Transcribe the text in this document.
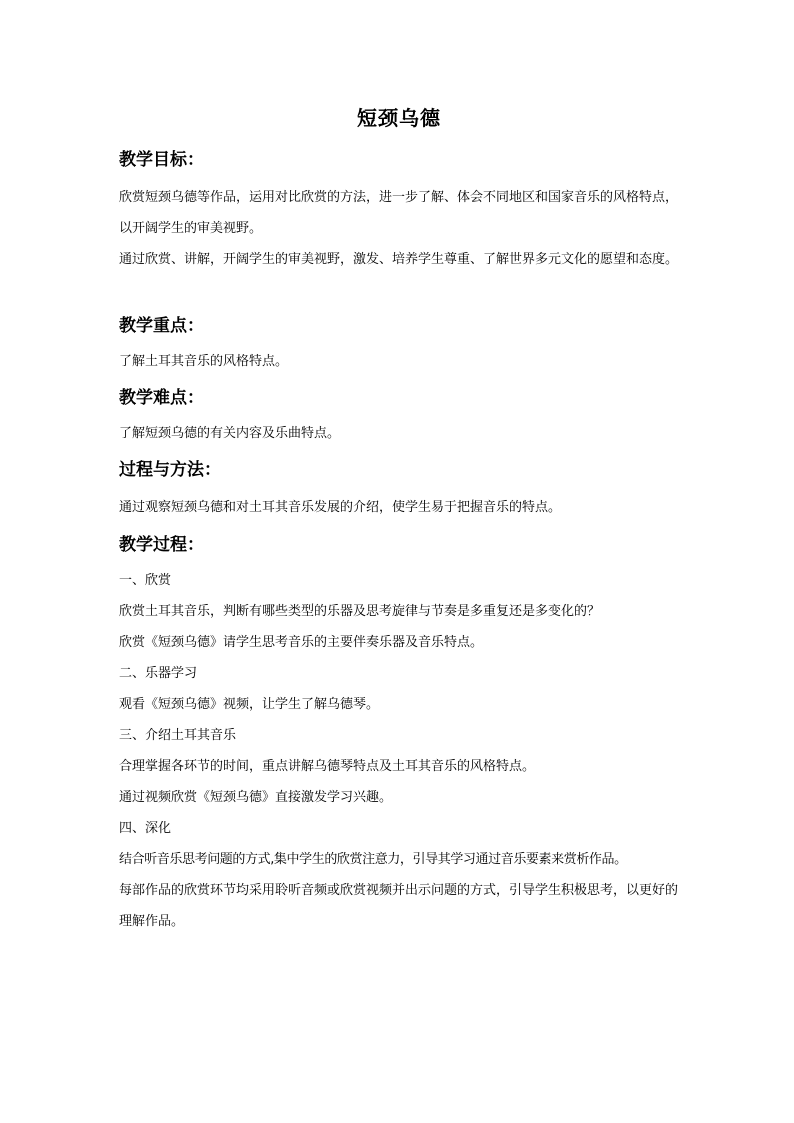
短颈乌德

教学目标：

欣赏短颈乌德等作品，运用对比欣赏的方法，进一步了解、体会不同地区和国家音乐的风格特点，以开阔学生的审美视野。

通过欣赏、讲解，开阔学生的审美视野，激发、培养学生尊重、了解世界多元文化的愿望和态度。

教学重点：

了解土耳其音乐的风格特点。

教学难点：

了解短颈乌德的有关内容及乐曲特点。

过程与方法：

通过观察短颈乌德和对土耳其音乐发展的介绍，使学生易于把握音乐的特点。

教学过程：

一、欣赏

欣赏土耳其音乐，判断有哪些类型的乐器及思考旋律与节奏是多重复还是多变化的？

欣赏《短颈乌德》请学生思考音乐的主要伴奏乐器及音乐特点。

二、乐器学习

观看《短颈乌德》视频，让学生了解乌德琴。

三、介绍土耳其音乐

合理掌握各环节的时间，重点讲解乌德琴特点及土耳其音乐的风格特点。

通过视频欣赏《短颈乌德》直接激发学习兴趣。

四、深化

结合听音乐思考问题的方式,集中学生的欣赏注意力，引导其学习通过音乐要素来赏析作品。

每部作品的欣赏环节均采用聆听音频或欣赏视频并出示问题的方式，引导学生积极思考，以更好的理解作品。
